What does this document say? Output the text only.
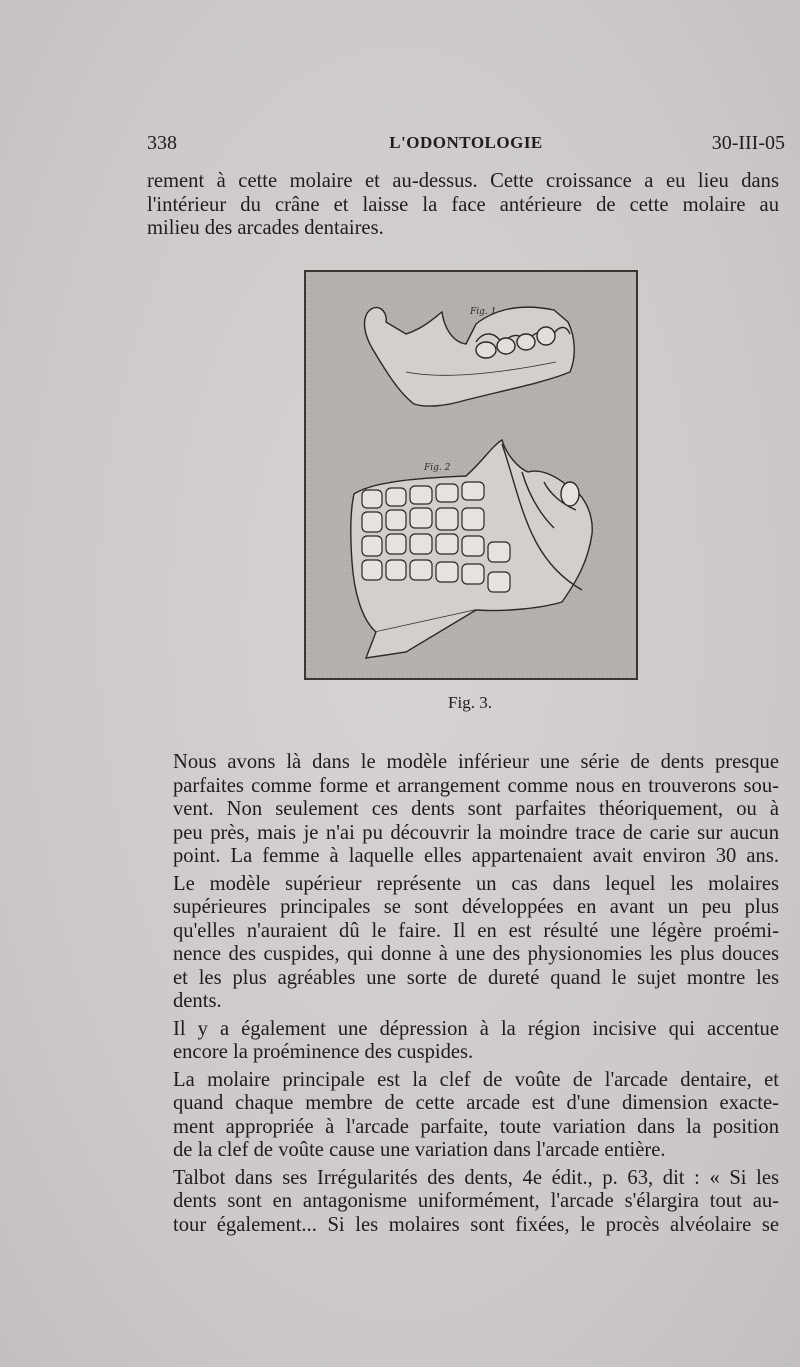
338	L'ODONTOLOGIE	30-III-05

rement à cette molaire et au-dessus. Cette croissance a eu lieu dans
l'intérieur du crâne et laisse la face antérieure de cette molaire au
milieu des arcades dentaires.

Fig. 1
Fig. 2
Fig. 3.

Nous avons là dans le modèle inférieur une série de dents presque
parfaites comme forme et arrangement comme nous en trouverons sou-
vent. Non seulement ces dents sont parfaites théoriquement, ou à
peu près, mais je n'ai pu découvrir la moindre trace de carie sur aucun
point. La femme à laquelle elles appartenaient avait environ 30 ans.

Le modèle supérieur représente un cas dans lequel les molaires
supérieures principales se sont développées en avant un peu plus
qu'elles n'auraient dû le faire. Il en est résulté une légère proémi-
nence des cuspides, qui donne à une des physionomies les plus douces
et les plus agréables une sorte de dureté quand le sujet montre les
dents.

Il y a également une dépression à la région incisive qui accentue
encore la proéminence des cuspides.

La molaire principale est la clef de voûte de l'arcade dentaire, et
quand chaque membre de cette arcade est d'une dimension exacte-
ment appropriée à l'arcade parfaite, toute variation dans la position
de la clef de voûte cause une variation dans l'arcade entière.

Talbot dans ses Irrégularités des dents, 4e édit., p. 63, dit : « Si les
dents sont en antagonisme uniformément, l'arcade s'élargira tout au-
tour également... Si les molaires sont fixées, le procès alvéolaire se
